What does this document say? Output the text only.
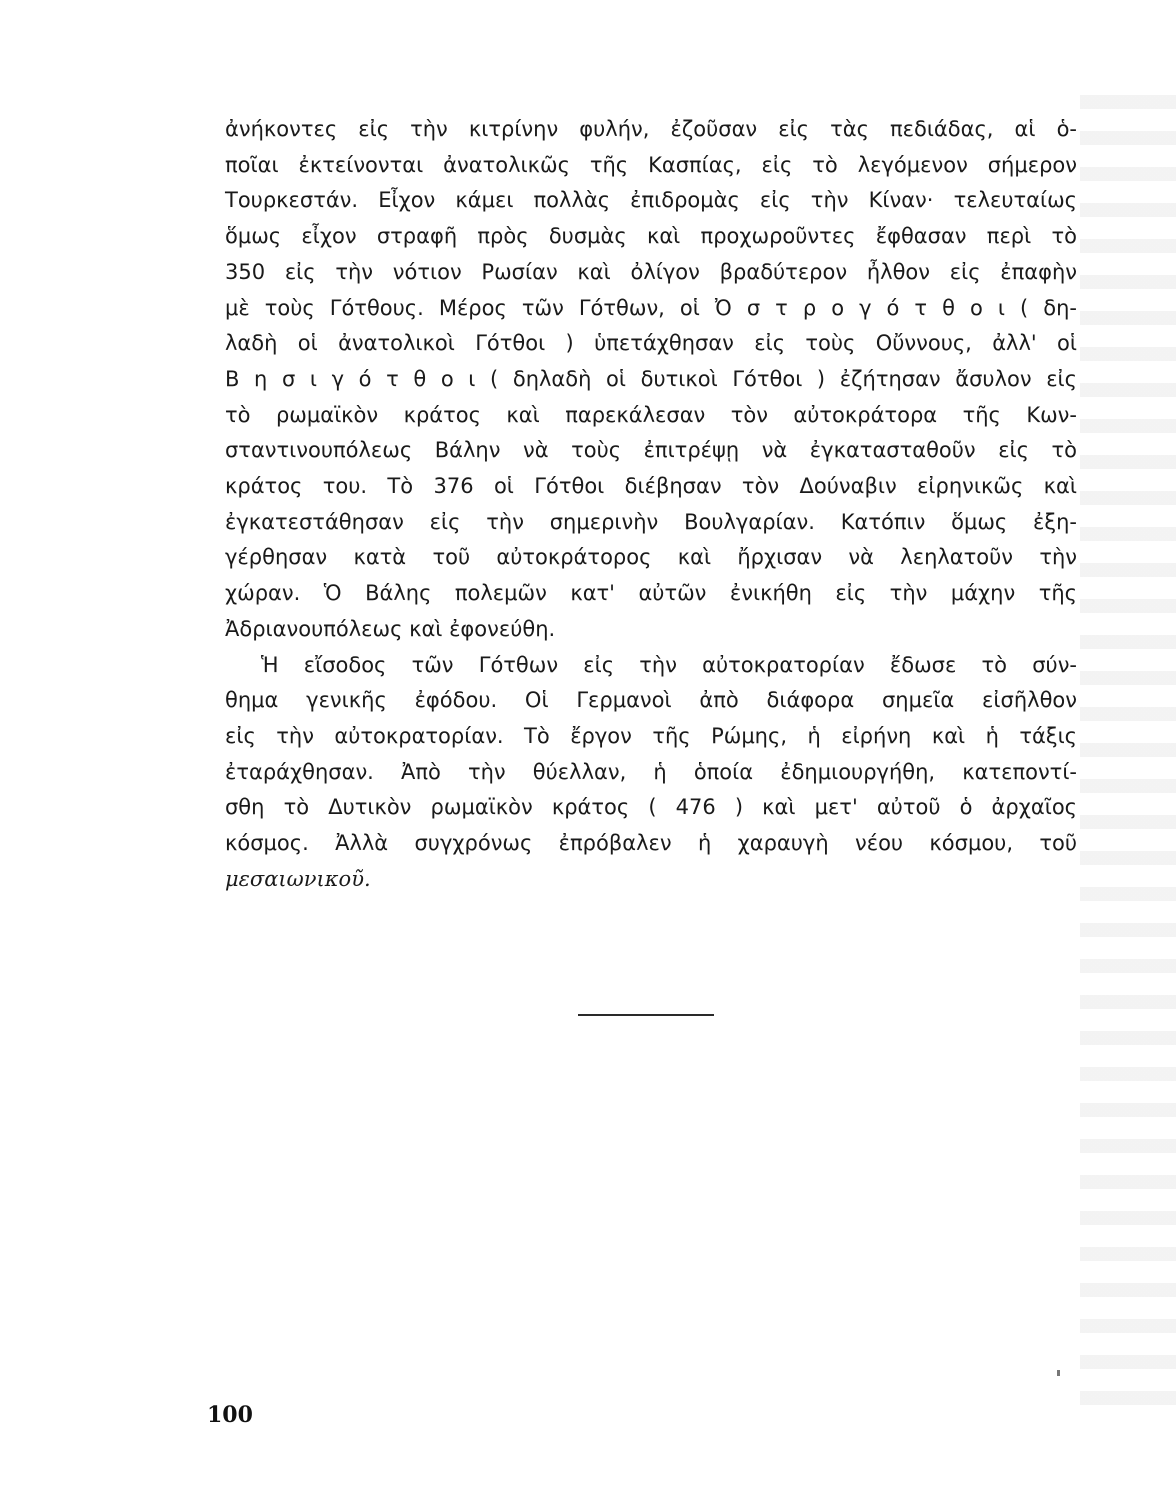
ἀνήκοντες εἰς τὴν κιτρίνην φυλήν, ἐζοῦσαν εἰς τὰς πεδιάδας, αἱ ὁ-
ποῖαι ἐκτείνονται ἀνατολικῶς τῆς Κασπίας, εἰς τὸ λεγόμενον σήμερον
Τουρκεστάν. Εἶχον κάμει πολλὰς ἐπιδρομὰς εἰς τὴν Κίναν· τελευταίως
ὅμως εἶχον στραφῆ πρὸς δυσμὰς καὶ προχωροῦντες ἔφθασαν περὶ τὸ
350 εἰς τὴν νότιον Ρωσίαν καὶ ὀλίγον βραδύτερον ἦλθον εἰς ἐπαφὴν
μὲ τοὺς Γότθους. Μέρος τῶν Γότθων, οἱ Ὀ σ τ ρ ο γ ό τ θ ο ι ( δη-
λαδὴ οἱ ἀνατολικοὶ Γότθοι ) ὑπετάχθησαν εἰς τοὺς Οὔννους, ἀλλ' οἱ
Β η σ ι γ ό τ θ ο ι ( δηλαδὴ οἱ δυτικοὶ Γότθοι ) ἐζήτησαν ἄσυλον εἰς
τὸ ρωμαϊκὸν κράτος καὶ παρεκάλεσαν τὸν αὐτοκράτορα τῆς Κων-
σταντινουπόλεως Βάλην νὰ τοὺς ἐπιτρέψῃ νὰ ἐγκατασταθοῦν εἰς τὸ
κράτος του. Τὸ 376 οἱ Γότθοι διέβησαν τὸν Δούναβιν εἰρηνικῶς καὶ
ἐγκατεστάθησαν εἰς τὴν σημερινὴν Βουλγαρίαν. Κατόπιν ὅμως ἐξη-
γέρθησαν κατὰ τοῦ αὐτοκράτορος καὶ ἤρχισαν νὰ λεηλατοῦν τὴν
χώραν. Ὁ Βάλης πολεμῶν κατ' αὐτῶν ἐνικήθη εἰς τὴν μάχην τῆς
Ἀδριανουπόλεως καὶ ἐφονεύθη.
Ἡ εἴσοδος τῶν Γότθων εἰς τὴν αὐτοκρατορίαν ἔδωσε τὸ σύν-
θημα γενικῆς ἐφόδου. Οἱ Γερμανοὶ ἀπὸ διάφορα σημεῖα εἰσῆλθον
εἰς τὴν αὐτοκρατορίαν. Τὸ ἔργον τῆς Ρώμης, ἡ εἰρήνη καὶ ἡ τάξις
ἐταράχθησαν. Ἀπὸ τὴν θύελλαν, ἡ ὁποία ἐδημιουργήθη, κατεποντί-
σθη τὸ Δυτικὸν ρωμαϊκὸν κράτος ( 476 ) καὶ μετ' αὐτοῦ ὁ ἀρχαῖος
κόσμος. Ἀλλὰ συγχρόνως ἐπρόβαλεν ἡ χαραυγὴ νέου κόσμου, τοῦ
μεσαιωνικοῦ.
100
